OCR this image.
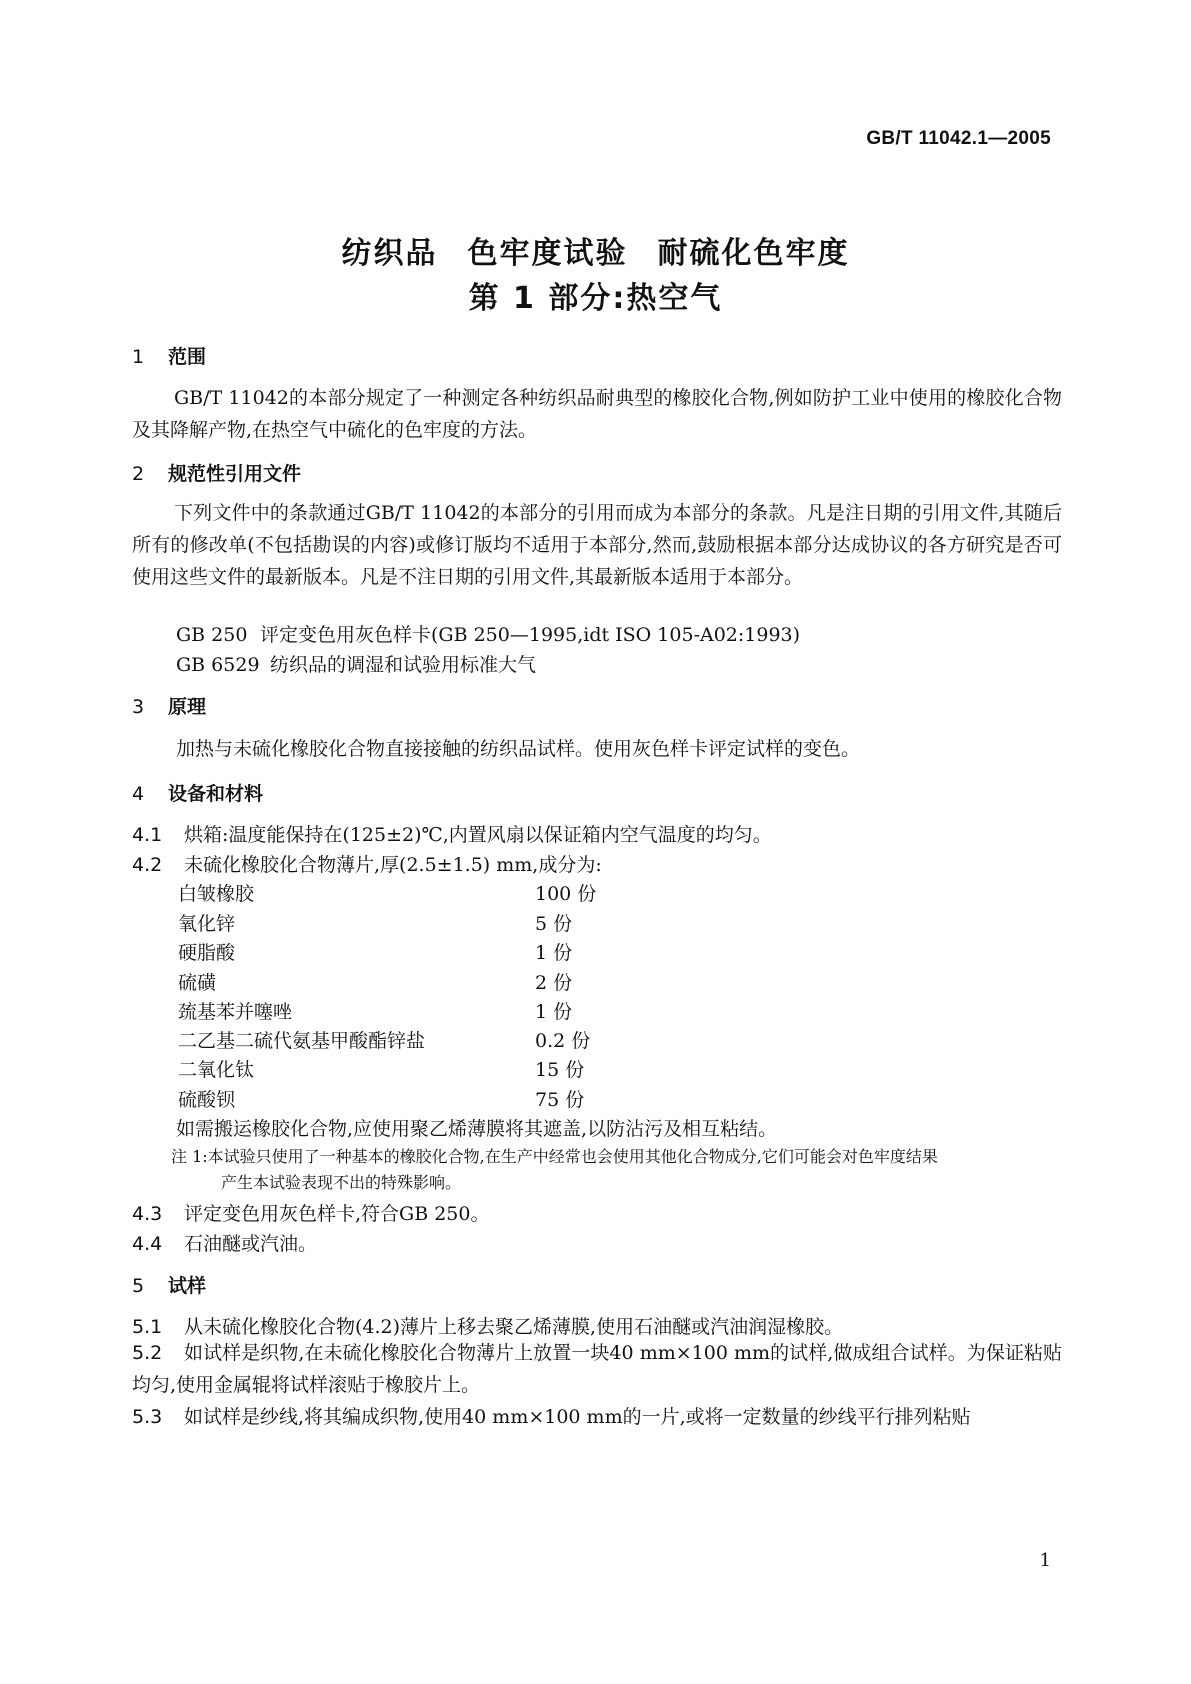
GB/T 11042.1—2005
纺织品 色牢度试验 耐硫化色牢度
第 1 部分:热空气
1 范围
GB/T 11042的本部分规定了一种测定各种纺织品耐典型的橡胶化合物,例如防护工业中使用的橡胶化合物及其降解产物,在热空气中硫化的色牢度的方法。
2 规范性引用文件
下列文件中的条款通过GB/T 11042的本部分的引用而成为本部分的条款。凡是注日期的引用文件,其随后所有的修改单(不包括勘误的内容)或修订版均不适用于本部分,然而,鼓励根据本部分达成协议的各方研究是否可使用这些文件的最新版本。凡是不注日期的引用文件,其最新版本适用于本部分。
GB 250 评定变色用灰色样卡(GB 250—1995,idt ISO 105-A02:1993)
GB 6529 纺织品的调湿和试验用标准大气
3 原理
加热与未硫化橡胶化合物直接接触的纺织品试样。使用灰色样卡评定试样的变色。
4 设备和材料
4.1 烘箱:温度能保持在(125±2)℃,内置风扇以保证箱内空气温度的均匀。
4.2 未硫化橡胶化合物薄片,厚(2.5±1.5) mm,成分为:
白皱橡胶	100 份
氧化锌	5 份
硬脂酸	1 份
硫磺	2 份
巯基苯并噻唑	1 份
二乙基二硫代氨基甲酸酯锌盐	0.2 份
二氧化钛	15 份
硫酸钡	75 份
如需搬运橡胶化合物,应使用聚乙烯薄膜将其遮盖,以防沾污及相互粘结。
注 1:本试验只使用了一种基本的橡胶化合物,在生产中经常也会使用其他化合物成分,它们可能会对色牢度结果
产生本试验表现不出的特殊影响。
4.3 评定变色用灰色样卡,符合GB 250。
4.4 石油醚或汽油。
5 试样
5.1 从未硫化橡胶化合物(4.2)薄片上移去聚乙烯薄膜,使用石油醚或汽油润湿橡胶。
5.2 如试样是织物,在未硫化橡胶化合物薄片上放置一块40 mm×100 mm的试样,做成组合试样。为保证粘贴均匀,使用金属辊将试样滚贴于橡胶片上。
5.3 如试样是纱线,将其编成织物,使用40 mm×100 mm的一片,或将一定数量的纱线平行排列粘贴
1
